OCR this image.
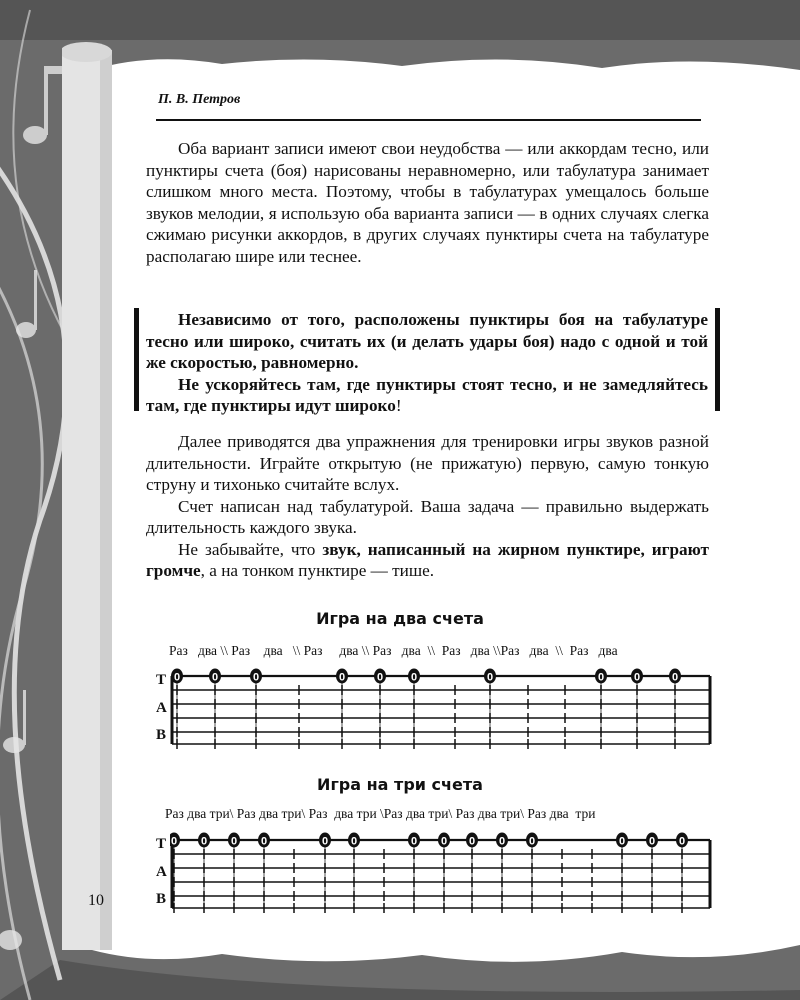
П. В. Петров

Оба вариант записи имеют свои неудобства — или аккордам тесно, или пунктиры счета (боя) нарисованы неравномерно, или табулатура занимает слишком много места. Поэтому, чтобы в табулатурах умещалось больше звуков мелодии, я использую оба варианта записи — в одних случаях слегка сжимаю рисунки аккордов, в других случаях пунктиры счета на табулатуре располагаю шире или теснее.

Независимо от того, расположены пунктиры боя на табулатуре тесно или широко, считать их (и делать удары боя) надо с одной и той же скоростью, равномерно.

Не ускоряйтесь там, где пунктиры стоят тесно, и не замедляйтесь там, где пунктиры идут широко!

Далее приводятся два упражнения для тренировки игры звуков разной длительности. Играйте открытую (не прижатую) первую, самую тонкую струну и тихонько считайте вслух.

Счет написан над табулатурой. Ваша задача — правильно выдержать длительность каждого звука.

Не забывайте, что звук, написанный на жирном пунктире, играют громче, а на тонком пунктире — тише.

Игра на два счета
Раз   два \\ Раз    два   \\ Раз     два \\ Раз   два  \\  Раз   два \\Раз   два  \\  Раз   два
T
A
B
0	0	0	0	0	0	0	0	0	0
Игра на три счета
Раз два три\ Раз два три\ Раз  два три \Раз два три\ Раз два три\ Раз два  три
T
A
B
0 0 0 0	0 0	0 0 0 0 0	0 0 0
10
